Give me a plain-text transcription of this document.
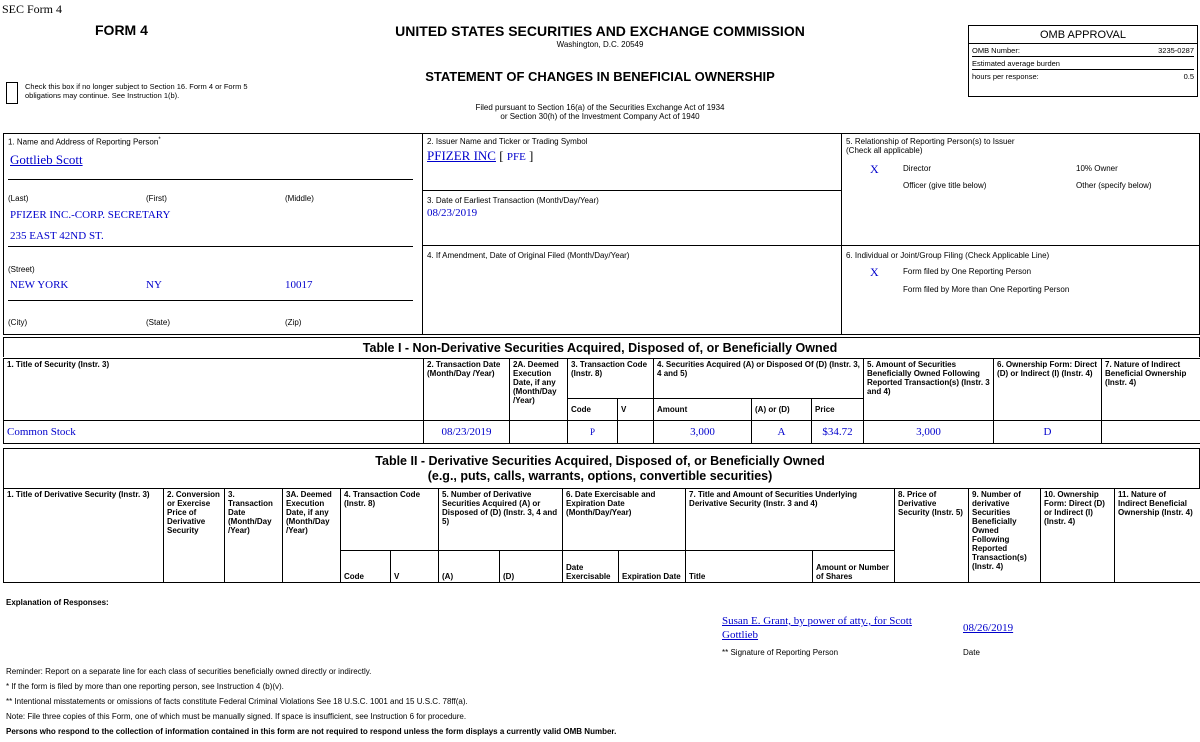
SEC Form 4
FORM 4
Check this box if no longer subject to Section 16. Form 4 or Form 5 obligations may continue. See Instruction 1(b).
UNITED STATES SECURITIES AND EXCHANGE COMMISSION
Washington, D.C. 20549
STATEMENT OF CHANGES IN BENEFICIAL OWNERSHIP
Filed pursuant to Section 16(a) of the Securities Exchange Act of 1934
or Section 30(h) of the Investment Company Act of 1940
OMB APPROVAL
OMB Number:	3235-0287
Estimated average burden
hours per response:	0.5
1. Name and Address of Reporting Person*
Gottlieb Scott
(Last)	(First)	(Middle)
PFIZER INC.-CORP. SECRETARY
235 EAST 42ND ST.
(Street)
NEW YORK	NY	10017
(City)	(State)	(Zip)
2. Issuer Name and Ticker or Trading Symbol
PFIZER INC [ PFE ]
3. Date of Earliest Transaction (Month/Day/Year)
08/23/2019
4. If Amendment, Date of Original Filed (Month/Day/Year)
5. Relationship of Reporting Person(s) to Issuer
(Check all applicable)
X	Director	10% Owner
Officer (give title below)	Other (specify below)
6. Individual or Joint/Group Filing (Check Applicable Line)
X	Form filed by One Reporting Person
Form filed by More than One Reporting Person
Table I - Non-Derivative Securities Acquired, Disposed of, or Beneficially Owned
1. Title of Security (Instr. 3)	2. Transaction Date (Month/Day /Year)	2A. Deemed Execution Date, if any (Month/Day /Year)	3. Transaction Code (Instr. 8)		4. Securities Acquired (A) or Disposed Of (D) (Instr. 3, 4 and 5)			5. Amount of Securities Beneficially Owned Following Reported Transaction(s) (Instr. 3 and 4)	6. Ownership Form: Direct (D) or Indirect (I) (Instr. 4)	7. Nature of Indirect Beneficial Ownership (Instr. 4)
			Code	V	Amount	(A) or (D)	Price			
Common Stock	08/23/2019		P		3,000	A	$34.72	3,000	D	
Table II - Derivative Securities Acquired, Disposed of, or Beneficially Owned
(e.g., puts, calls, warrants, options, convertible securities)
1. Title of Derivative Security (Instr. 3)	2. Conversion or Exercise Price of Derivative Security	3. Transaction Date (Month/Day /Year)	3A. Deemed Execution Date, if any (Month/Day /Year)	4. Transaction Code (Instr. 8)		5. Number of Derivative Securities Acquired (A) or Disposed of (D) (Instr. 3, 4 and 5)		6. Date Exercisable and Expiration Date (Month/Day/Year)		7. Title and Amount of Securities Underlying Derivative Security (Instr. 3 and 4)		8. Price of Derivative Security (Instr. 5)	9. Number of derivative Securities Beneficially Owned Following Reported Transaction(s) (Instr. 4)	10. Ownership Form: Direct (D) or Indirect (I) (Instr. 4)	11. Nature of Indirect Beneficial Ownership (Instr. 4)
				Code	V	(A)	(D)	Date Exercisable	Expiration Date	Title	Amount or Number of Shares				
Explanation of Responses:
Susan E. Grant, by power of atty., for Scott Gottlieb
08/26/2019
** Signature of Reporting Person	Date
Reminder: Report on a separate line for each class of securities beneficially owned directly or indirectly.
* If the form is filed by more than one reporting person, see Instruction 4 (b)(v).
** Intentional misstatements or omissions of facts constitute Federal Criminal Violations See 18 U.S.C. 1001 and 15 U.S.C. 78ff(a).
Note: File three copies of this Form, one of which must be manually signed. If space is insufficient, see Instruction 6 for procedure.
Persons who respond to the collection of information contained in this form are not required to respond unless the form displays a currently valid OMB Number.
